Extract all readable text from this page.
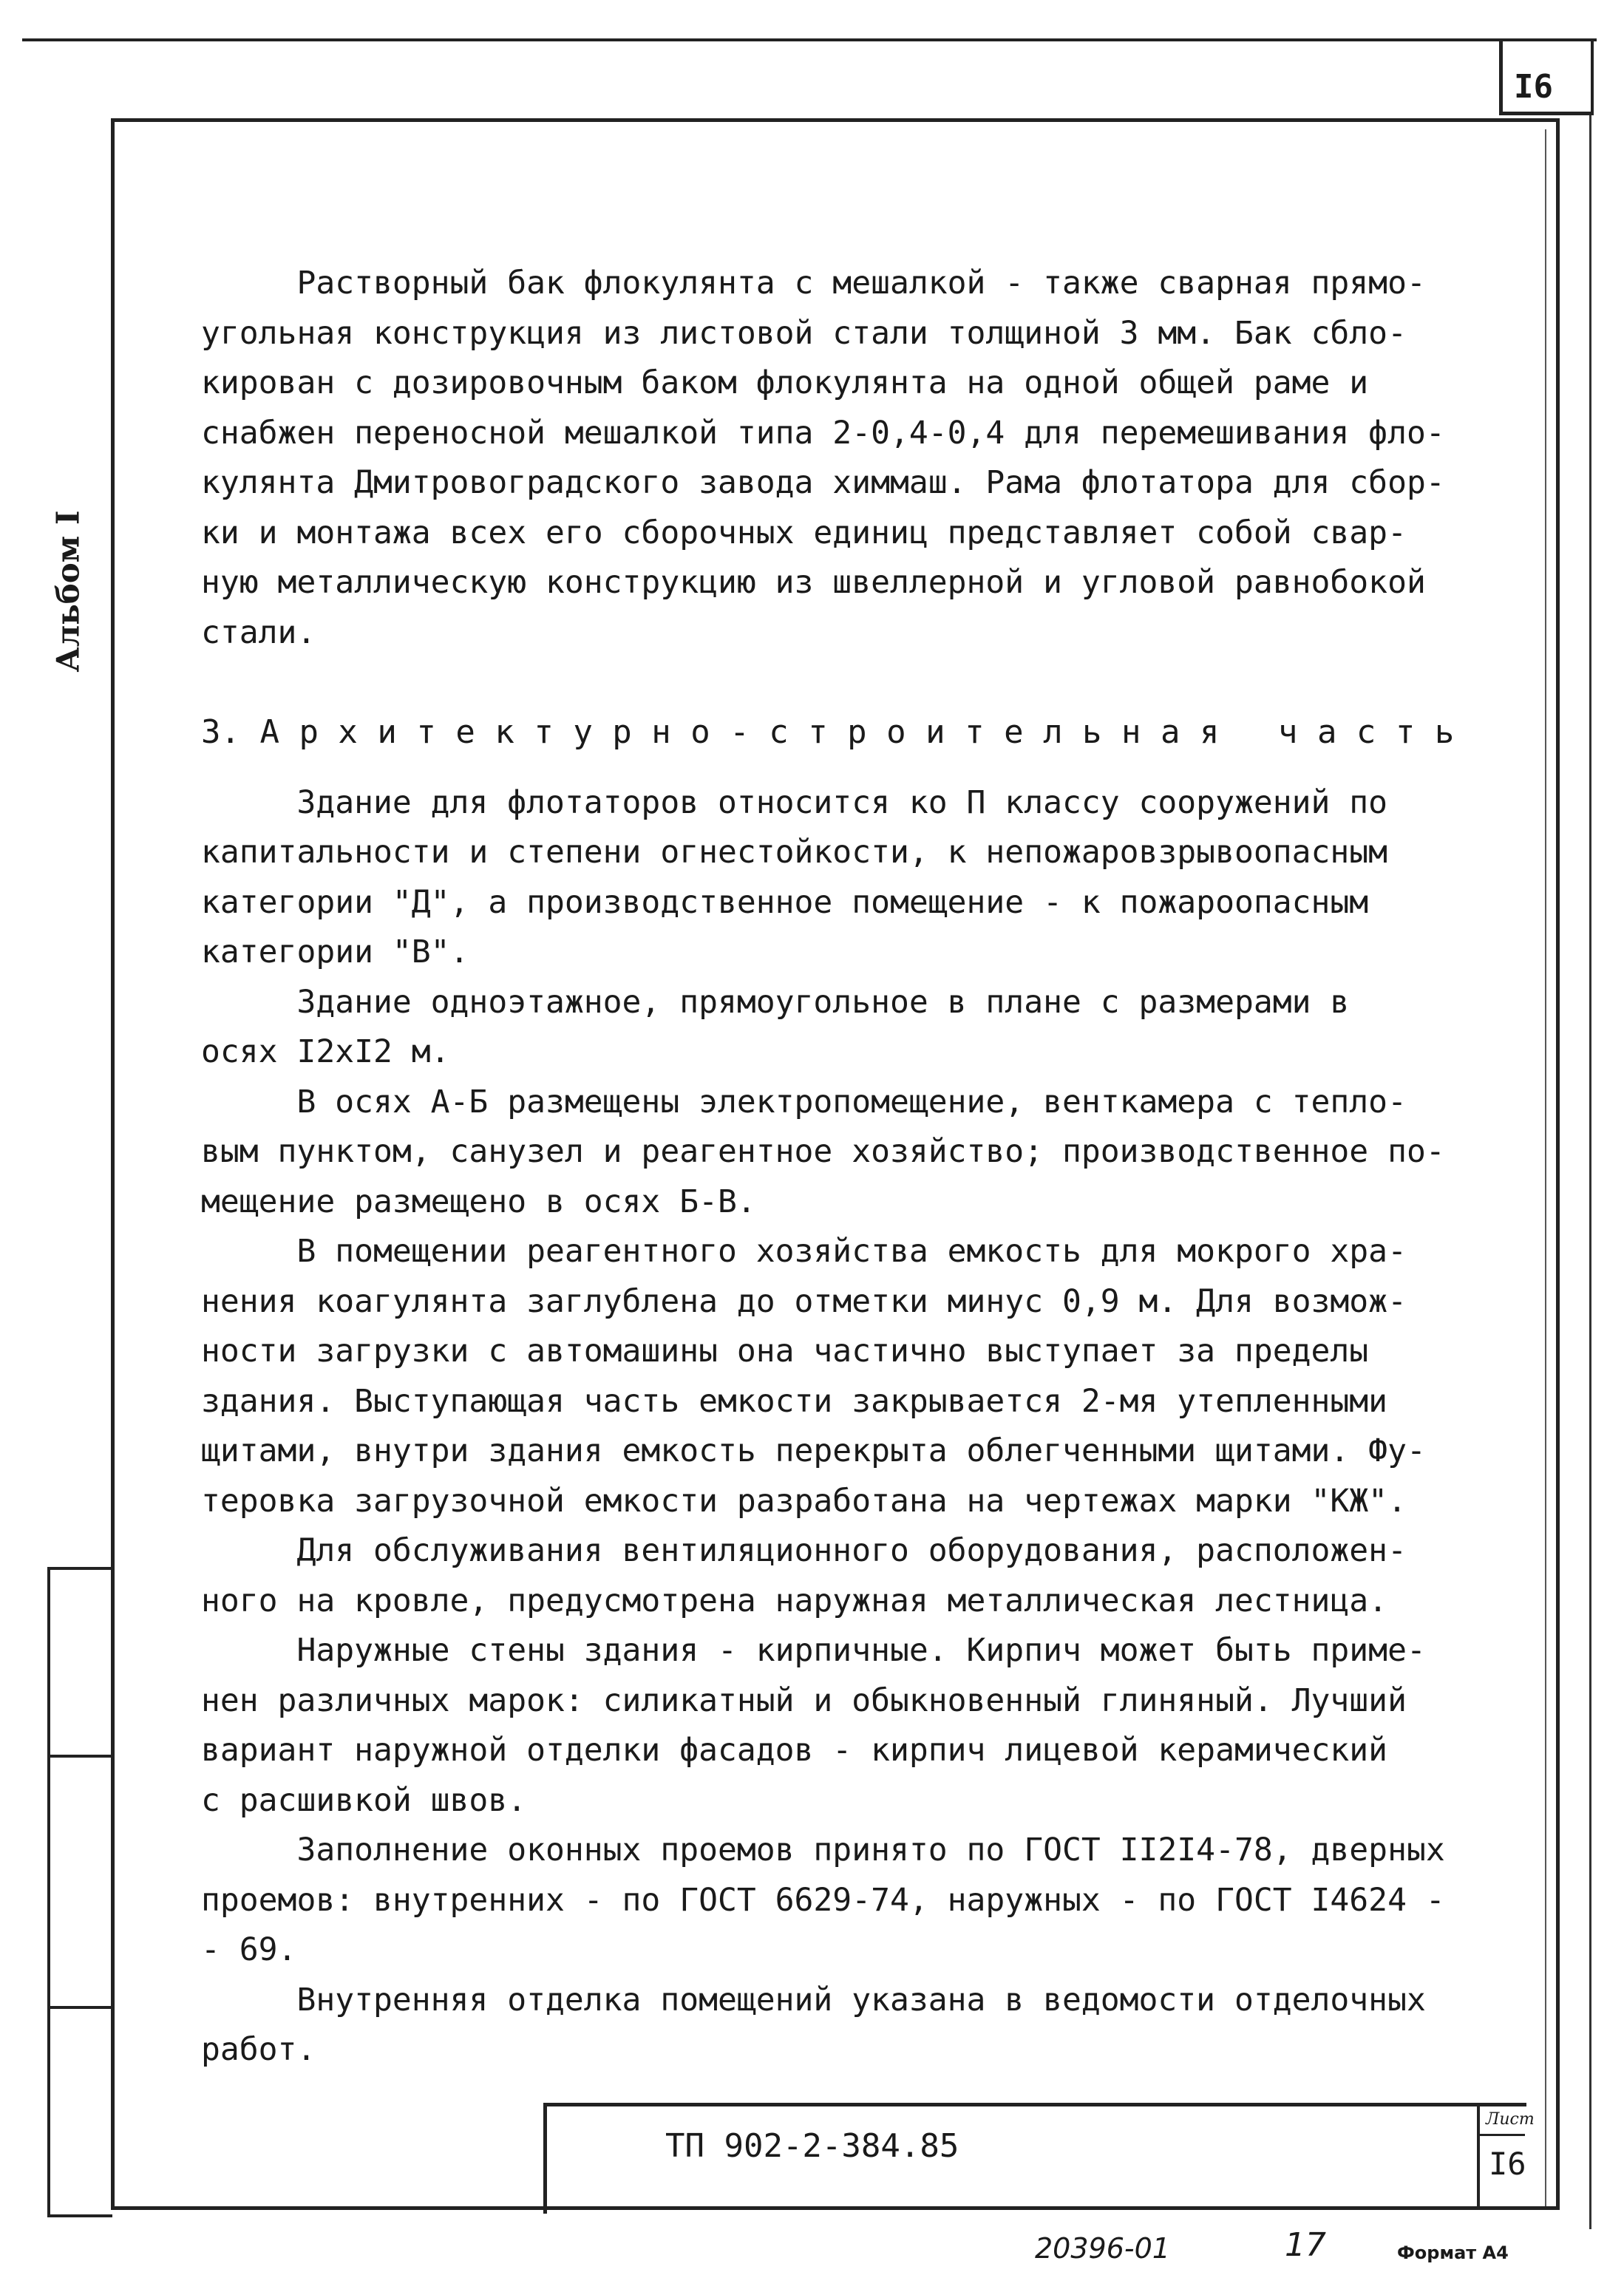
I6
Альбом I

Растворный бак флокулянта с мешалкой - также сварная прямо-

угольная конструкция из листовой стали толщиной 3 мм. Бак сбло-

кирован с дозировочным баком флокулянта на одной общей раме и

снабжен переносной мешалкой типа 2-0,4-0,4 для перемешивания фло-

кулянта Дмитровоградского завода химмаш. Рама флотатора для сбор-

ки и монтажа всех его сборочных единиц представляет собой свар-

ную металлическую конструкцию из швеллерной и угловой равнобокой

стали.

3. А р х и т е к т у р н о - с т р о и т е л ь н а я   ч а с т ь

Здание для флотаторов относится ко П классу сооружений по

капитальности и степени огнестойкости, к непожаровзрывоопасным

категории "Д", а производственное помещение - к пожароопасным

категории "В".

Здание одноэтажное, прямоугольное в плане с размерами в

осях I2хI2 м.

В осях А-Б размещены электропомещение, венткамера с тепло-

вым пунктом, санузел и реагентное хозяйство; производственное по-

мещение размещено в осях Б-В.

В помещении реагентного хозяйства емкость для мокрого хра-

нения коагулянта заглублена до отметки минус 0,9 м. Для возмож-

ности загрузки с автомашины она частично выступает за пределы

здания. Выступающая часть емкости закрывается 2-мя утепленными

щитами, внутри здания емкость перекрыта облегченными щитами. Фу-

теровка загрузочной емкости разработана на чертежах марки "КЖ".

Для обслуживания вентиляционного оборудования, расположен-

ного на кровле, предусмотрена наружная металлическая лестница.

Наружные стены здания - кирпичные. Кирпич может быть приме-

нен различных марок: силикатный и обыкновенный глиняный. Лучший

вариант наружной отделки фасадов - кирпич лицевой керамический

с расшивкой швов.

Заполнение оконных проемов принято по ГОСТ II2I4-78, дверных

проемов: внутренних - по ГОСТ 6629-74, наружных - по ГОСТ I4624 -

- 69.

Внутренняя отделка помещений указана в ведомости отделочных

работ.

ТП 902-2-384.85
Лист
I6
20396-01	17	Формат А4
